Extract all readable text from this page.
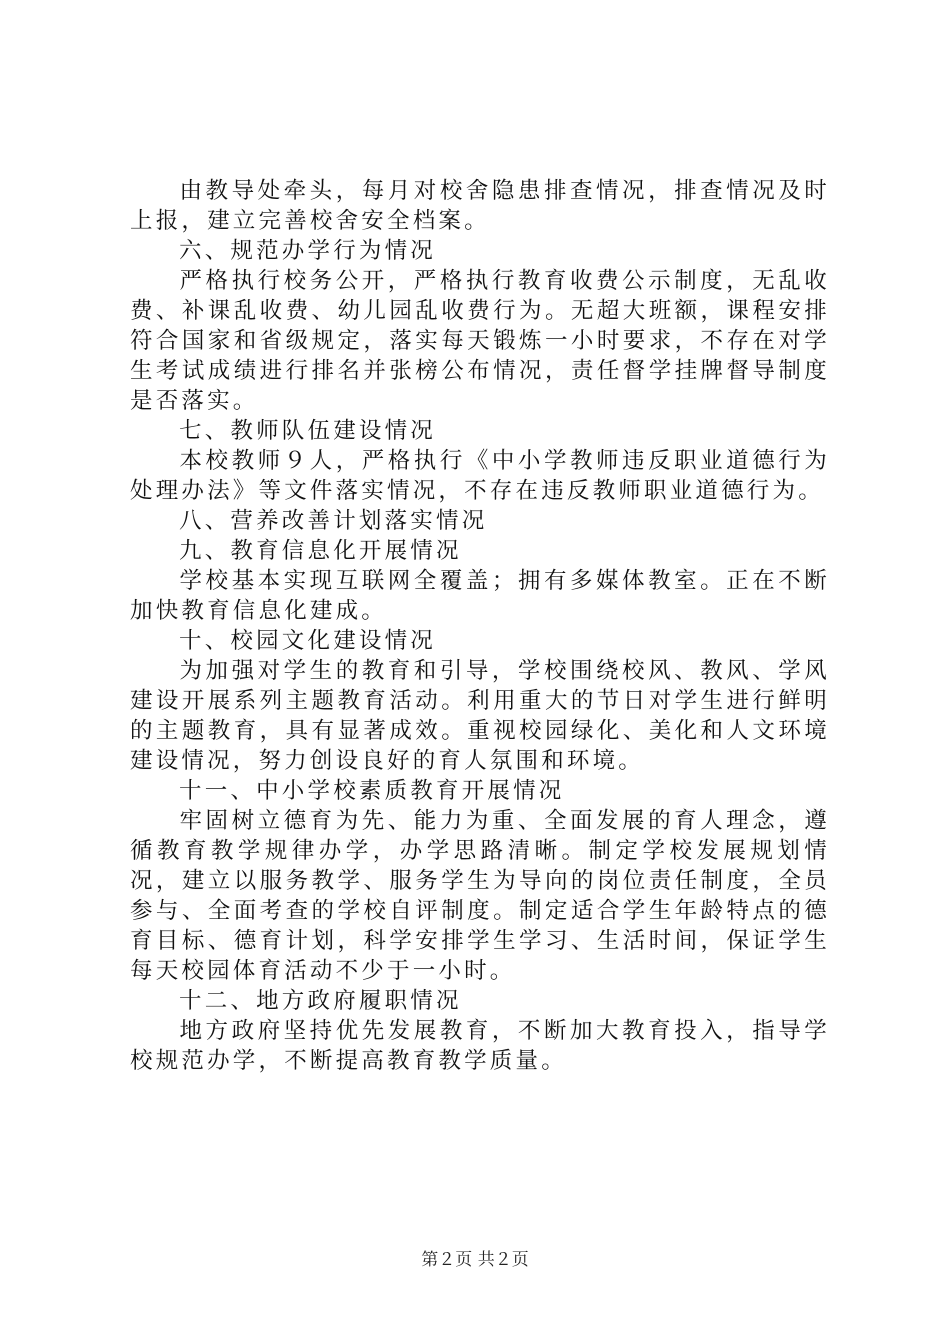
由教导处牵头，每月对校舍隐患排查情况，排查情况及时上报，建立完善校舍安全档案。

六、规范办学行为情况

严格执行校务公开，严格执行教育收费公示制度，无乱收费、补课乱收费、幼儿园乱收费行为。无超大班额，课程安排符合国家和省级规定，落实每天锻炼一小时要求，不存在对学生考试成绩进行排名并张榜公布情况，责任督学挂牌督导制度是否落实。

七、教师队伍建设情况

本校教师９人，严格执行《中小学教师违反职业道德行为处理办法》等文件落实情况，不存在违反教师职业道德行为。

八、营养改善计划落实情况

九、教育信息化开展情况

学校基本实现互联网全覆盖；拥有多媒体教室。正在不断加快教育信息化建成。

十、校园文化建设情况

为加强对学生的教育和引导，学校围绕校风、教风、学风建设开展系列主题教育活动。利用重大的节日对学生进行鲜明的主题教育，具有显著成效。重视校园绿化、美化和人文环境建设情况，努力创设良好的育人氛围和环境。

十一、中小学校素质教育开展情况

牢固树立德育为先、能力为重、全面发展的育人理念，遵循教育教学规律办学，办学思路清晰。制定学校发展规划情况，建立以服务教学、服务学生为导向的岗位责任制度，全员参与、全面考查的学校自评制度。制定适合学生年龄特点的德育目标、德育计划，科学安排学生学习、生活时间，保证学生每天校园体育活动不少于一小时。

十二、地方政府履职情况

地方政府坚持优先发展教育，不断加大教育投入，指导学校规范办学，不断提高教育教学质量。

第２页 共２页
